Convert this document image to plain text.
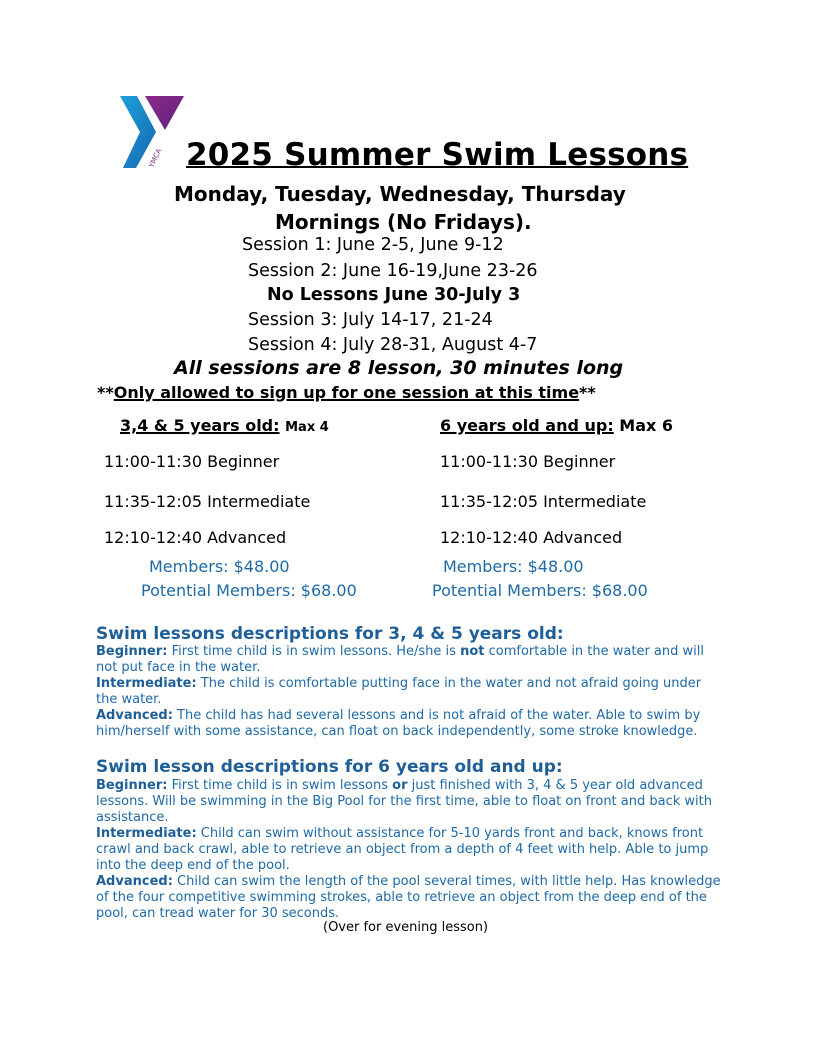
YMCA 2025 Summer Swim Lessons
Monday, Tuesday, Wednesday, Thursday
Mornings (No Fridays).
Session 1: June 2-5, June 9-12
Session 2: June 16-19,June 23-26
No Lessons June 30-July 3
Session 3: July 14-17, 21-24
Session 4: July 28-31, August 4-7
All sessions are 8 lesson, 30 minutes long
**Only allowed to sign up for one session at this time**
3,4 & 5 years old: Max 4
11:00-11:30 Beginner
11:35-12:05 Intermediate
12:10-12:40 Advanced
Members: $48.00
Potential Members: $68.00
6 years old and up: Max 6
11:00-11:30 Beginner
11:35-12:05 Intermediate
12:10-12:40 Advanced
Members: $48.00
Potential Members: $68.00
Swim lessons descriptions for 3, 4 & 5 years old:
Beginner: First time child is in swim lessons. He/she is not comfortable in the water and will not put face in the water.
Intermediate: The child is comfortable putting face in the water and not afraid going under the water.
Advanced: The child has had several lessons and is not afraid of the water. Able to swim by him/herself with some assistance, can float on back independently, some stroke knowledge.
Swim lesson descriptions for 6 years old and up:
Beginner: First time child is in swim lessons or just finished with 3, 4 & 5 year old advanced lessons. Will be swimming in the Big Pool for the first time, able to float on front and back with assistance.
Intermediate: Child can swim without assistance for 5-10 yards front and back, knows front crawl and back crawl, able to retrieve an object from a depth of 4 feet with help. Able to jump into the deep end of the pool.
Advanced: Child can swim the length of the pool several times, with little help. Has knowledge of the four competitive swimming strokes, able to retrieve an object from the deep end of the pool, can tread water for 30 seconds.
(Over for evening lesson)
